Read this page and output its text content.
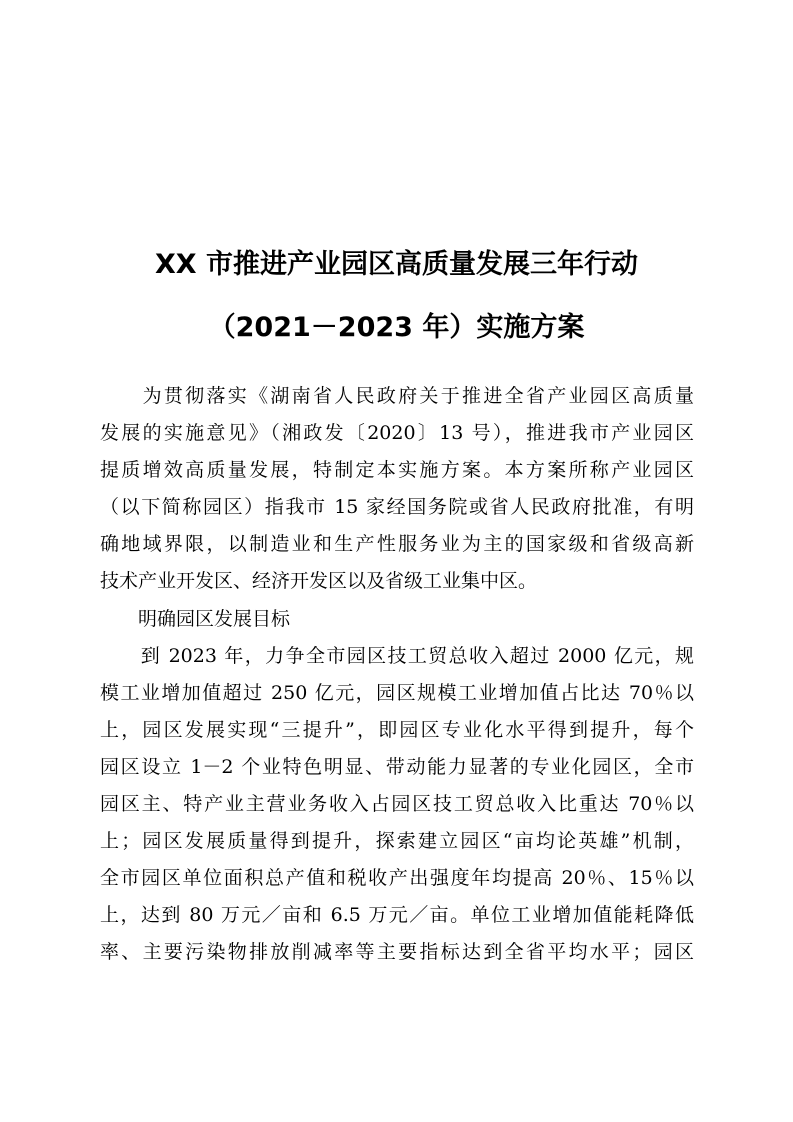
XX 市推进产业园区高质量发展三年行动
（2021－2023 年）实施方案
　　为贯彻落实《湖南省人民政府关于推进全省产业园区高质量
发展的实施意见》（湘政发〔2020〕13 号），推进我市产业园区
提质增效高质量发展，特制定本实施方案。本方案所称产业园区
（以下简称园区）指我市 15 家经国务院或省人民政府批准，有明
确地域界限，以制造业和生产性服务业为主的国家级和省级高新
技术产业开发区、经济开发区以及省级工业集中区。
　　明确园区发展目标
　　到 2023 年，力争全市园区技工贸总收入超过 2000 亿元，规
模工业增加值超过 250 亿元，园区规模工业增加值占比达 70％以
上，园区发展实现“三提升”，即园区专业化水平得到提升，每个
园区设立 1－2 个业特色明显、带动能力显著的专业化园区，全市
园区主、特产业主营业务收入占园区技工贸总收入比重达 70％以
上；园区发展质量得到提升，探索建立园区“亩均论英雄”机制，
全市园区单位面积总产值和税收产出强度年均提高 20％、15％以
上，达到 80 万元／亩和 6.5 万元／亩。单位工业增加值能耗降低
率、主要污染物排放削减率等主要指标达到全省平均水平；园区
